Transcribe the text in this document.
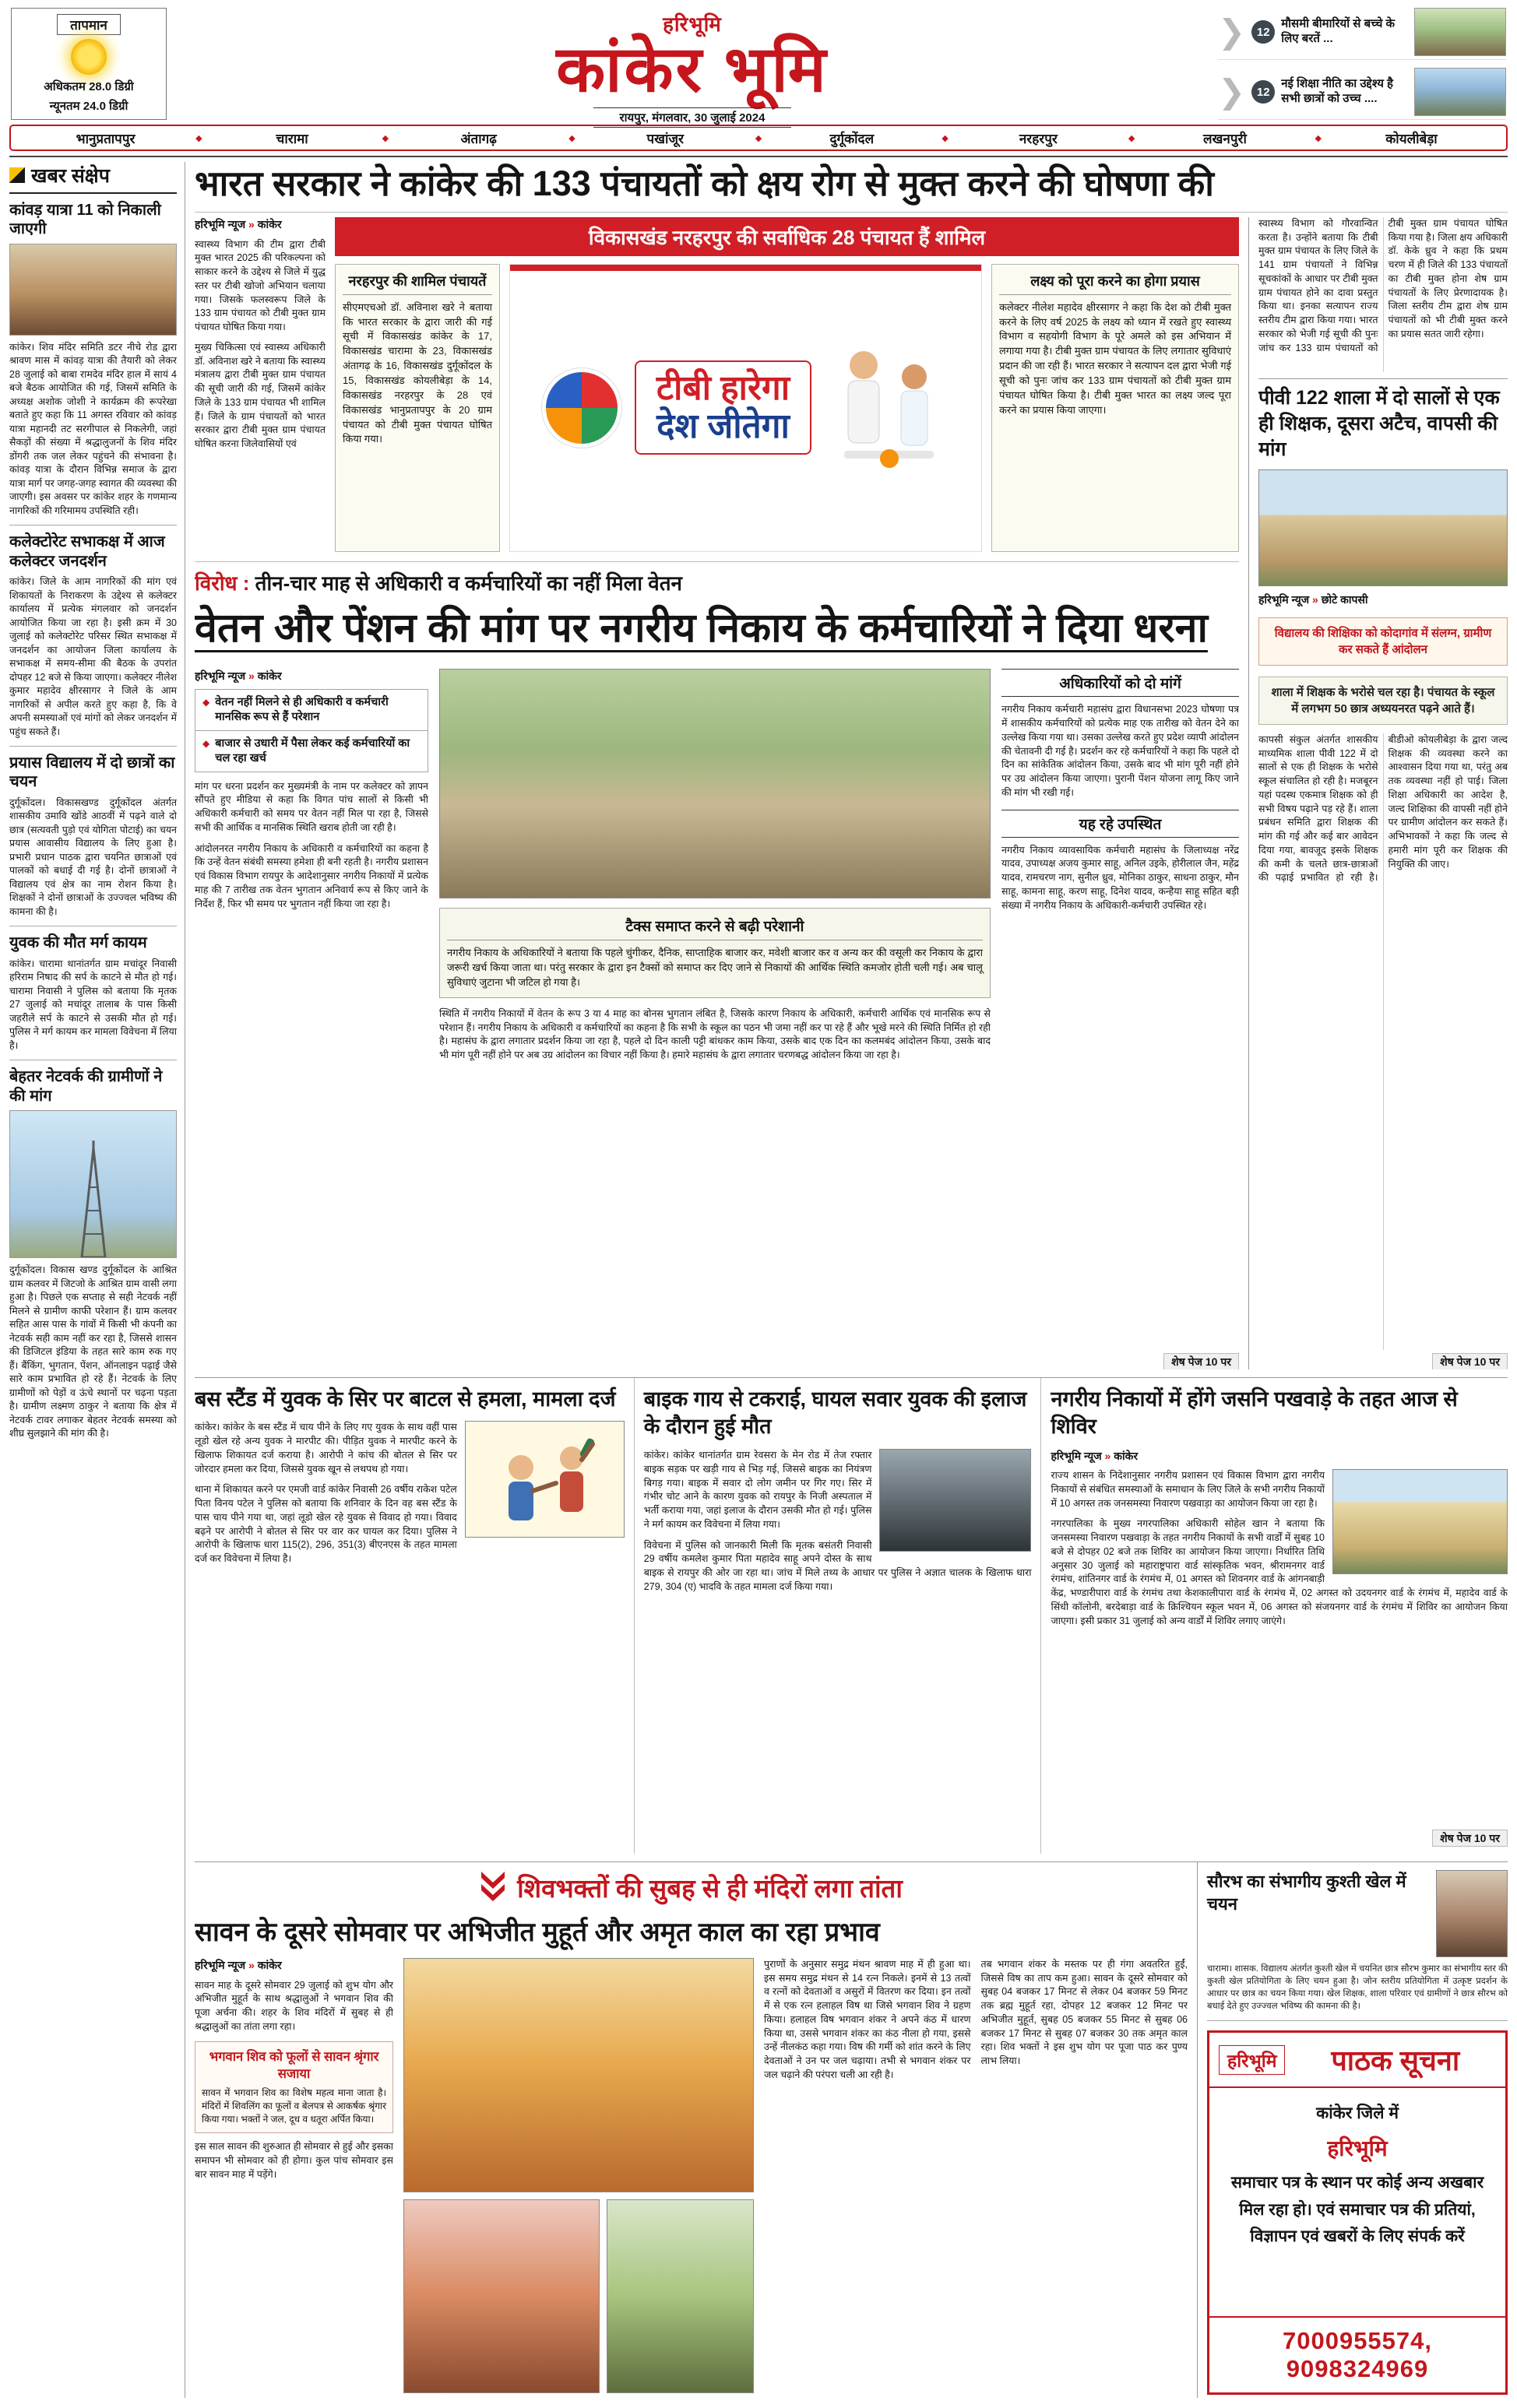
तापमान
अधिकतम 28.0 डिग्री
न्यूनतम 24.0 डिग्री
हरिभूमि
कांकेर भूमि
रायपुर, मंगलवार, 30 जुलाई 2024
❯ 12
मौसमी बीमारियों से बच्चे के लिए बरतें ...
❯ 12
नई शिक्षा नीति का उद्देश्य है सभी छात्रों को उच्च ....
भानुप्रतापपुर	◆	चारामा	◆	अंतागढ़	◆	पखांजूर	◆	दुर्गूकोंदल	◆	नरहरपुर	◆	लखनपुरी	◆	कोयलीबेड़ा
खबर संक्षेप
कांवड़ यात्रा 11 को निकाली जाएगी
कांकेर। शिव मंदिर समिति डटर नीचे रोड द्वारा श्रावण मास में कांवड़ यात्रा की तैयारी को लेकर 28 जुलाई को बाबा रामदेव मंदिर हाल में सायं 4 बजे बैठक आयोजित की गई, जिसमें समिति के अध्यक्ष अशोक जोशी ने कार्यक्रम की रूपरेखा बताते हुए कहा कि 11 अगस्त रविवार को कांवड़ यात्रा महानदी तट सरगीपाल से निकलेगी, जहां सैकड़ों की संख्या में श्रद्धालुजनों के शिव मंदिर डोंगरी तक जल लेकर पहुंचने की संभावना है। कांवड़ यात्रा के दौरान विभिन्न समाज के द्वारा यात्रा मार्ग पर जगह-जगह स्वागत की व्यवस्था की जाएगी। इस अवसर पर कांकेर शहर के गणमान्य नागरिकों की गरिमामय उपस्थिति रही।
कलेक्टोरेट सभाकक्ष में आज कलेक्टर जनदर्शन
कांकेर। जिले के आम नागरिकों की मांग एवं शिकायतों के निराकरण के उद्देश्य से कलेक्टर कार्यालय में प्रत्येक मंगलवार को जनदर्शन आयोजित किया जा रहा है। इसी क्रम में 30 जुलाई को कलेक्टोरेट परिसर स्थित सभाकक्ष में जनदर्शन का आयोजन जिला कार्यालय के सभाकक्ष में समय-सीमा की बैठक के उपरांत दोपहर 12 बजे से किया जाएगा। कलेक्टर नीलेश कुमार महादेव क्षीरसागर ने जिले के आम नागरिकों से अपील करते हुए कहा है, कि वे अपनी समस्याओं एवं मांगों को लेकर जनदर्शन में पहुंच सकते हैं।
प्रयास विद्यालय में दो छात्रों का चयन
दुर्गूकोंदल। विकासखण्ड दुर्गूकोंदल अंतर्गत शासकीय उमावि खोंडे आठवीं में पढ़ने वाले दो छात्र (सत्यवती पुड़ो एवं योगिता पोटाई) का चयन प्रयास आवासीय विद्यालय के लिए हुआ है। प्रभारी प्रधान पाठक द्वारा चयनित छात्राओं एवं पालकों को बधाई दी गई है। दोनों छात्राओं ने विद्यालय एवं क्षेत्र का नाम रोशन किया है। शिक्षकों ने दोनों छात्राओं के उज्ज्वल भविष्य की कामना की है।
युवक की मौत मर्ग कायम
कांकेर। चारामा थानांतर्गत ग्राम मचांदूर निवासी हरिराम निषाद की सर्प के काटने से मौत हो गई। चारामा निवासी ने पुलिस को बताया कि मृतक 27 जुलाई को मचांदूर तालाब के पास किसी जहरीले सर्प के काटने से उसकी मौत हो गई। पुलिस ने मर्ग कायम कर मामला विवेचना में लिया है।
बेहतर नेटवर्क की ग्रामीणों ने की मांग
दुर्गूकोंदल। विकास खण्ड दुर्गूकोंदल के आश्रित ग्राम कलवर में जिटजो के आश्रित ग्राम वासी लगा हुआ है। पिछले एक सप्ताह से सही नेटवर्क नहीं मिलने से ग्रामीण काफी परेशान हैं। ग्राम कलवर सहित आस पास के गांवों में किसी भी कंपनी का नेटवर्क सही काम नहीं कर रहा है, जिससे शासन की डिजिटल इंडिया के तहत सारे काम रुक गए हैं। बैंकिंग, भुगतान, पेंशन, ऑनलाइन पढ़ाई जैसे सारे काम प्रभावित हो रहे हैं। नेटवर्क के लिए ग्रामीणों को पेड़ों व ऊंचे स्थानों पर चढ़ना पड़ता है। ग्रामीण लक्ष्मण ठाकुर ने बताया कि क्षेत्र में नेटवर्क टावर लगाकर बेहतर नेटवर्क समस्या को शीघ्र सुलझाने की मांग की है।
भारत सरकार ने कांकेर की 133 पंचायतों को क्षय रोग से मुक्त करने की घोषणा की
हरिभूमि न्यूज » कांकेर

स्वास्थ्य विभाग की टीम द्वारा टीबी मुक्त भारत 2025 की परिकल्पना को साकार करने के उद्देश्य से जिले में युद्ध स्तर पर टीबी खोजो अभियान चलाया गया। जिसके फलस्वरूप जिले के 133 ग्राम पंचायत को टीबी मुक्त ग्राम पंचायत घोषित किया गया।

मुख्य चिकित्सा एवं स्वास्थ्य अधिकारी डॉ. अविनाश खरे ने बताया कि स्वास्थ्य मंत्रालय द्वारा टीबी मुक्त ग्राम पंचायत की सूची जारी की गई, जिसमें कांकेर जिले के 133 ग्राम पंचायत भी शामिल हैं। जिले के ग्राम पंचायतों को भारत सरकार द्वारा टीबी मुक्त ग्राम पंचायत घोषित करना जिलेवासियों एवं

विकासखंड नरहरपुर की सर्वाधिक 28 पंचायत हैं शामिल
नरहरपुर की शामिल पंचायतें
सीएमएचओ डॉ. अविनाश खरे ने बताया कि भारत सरकार के द्वारा जारी की गई सूची में विकासखंड कांकेर के 17, विकासखंड चारामा के 23, विकासखंड अंतागढ़ के 16, विकासखंड दुर्गूकोंदल के 15, विकासखंड कोयलीबेड़ा के 14, विकासखंड नरहरपुर के 28 एवं विकासखंड भानुप्रतापपुर के 20 ग्राम पंचायत को टीबी मुक्त पंचायत घोषित किया गया।
टीबी हारेगा
देश जीतेगा
लक्ष्य को पूरा करने का होगा प्रयास
कलेक्टर नीलेश महादेव क्षीरसागर ने कहा कि देश को टीबी मुक्त करने के लिए वर्ष 2025 के लक्ष्य को ध्यान में रखते हुए स्वास्थ्य विभाग व सहयोगी विभाग के पूरे अमले को इस अभियान में लगाया गया है। टीबी मुक्त ग्राम पंचायत के लिए लगातार सुविधाएं प्रदान की जा रही हैं। भारत सरकार ने सत्यापन दल द्वारा भेजी गई सूची को पुनः जांच कर 133 ग्राम पंचायतों को टीबी मुक्त ग्राम पंचायत घोषित किया है। टीबी मुक्त भारत का लक्ष्य जल्द पूरा करने का प्रयास किया जाएगा।
विरोध : तीन-चार माह से अधिकारी व कर्मचारियों का नहीं मिला वेतन
वेतन और पेंशन की मांग पर नगरीय निकाय के कर्मचारियों ने दिया धरना
हरिभूमि न्यूज » कांकेर
◆ वेतन नहीं मिलने से ही अधिकारी व कर्मचारी मानसिक रूप से हैं परेशान
◆ बाजार से उधारी में पैसा लेकर कई कर्मचारियों का चल रहा खर्च

मांग पर धरना प्रदर्शन कर मुख्यमंत्री के नाम पर कलेक्टर को ज्ञापन सौंपते हुए मीडिया से कहा कि विगत पांच सालों से किसी भी अधिकारी कर्मचारी को समय पर वेतन नहीं मिल पा रहा है, जिससे सभी की आर्थिक व मानसिक स्थिति खराब होती जा रही है।

आंदोलनरत नगरीय निकाय के अधिकारी व कर्मचारियों का कहना है कि उन्हें वेतन संबंधी समस्या हमेशा ही बनी रहती है। नगरीय प्रशासन एवं विकास विभाग रायपुर के आदेशानुसार नगरीय निकायों में प्रत्येक माह की 7 तारीख तक वेतन भुगतान अनिवार्य रूप से किए जाने के निर्देश हैं, फिर भी समय पर भुगतान नहीं किया जा रहा है।

टैक्स समाप्त करने से बढ़ी परेशानी
नगरीय निकाय के अधिकारियों ने बताया कि पहले चुंगीकर, दैनिक, साप्ताहिक बाजार कर, मवेशी बाजार कर व अन्य कर की वसूली कर निकाय के द्वारा जरूरी खर्च किया जाता था। परंतु सरकार के द्वारा इन टैक्सों को समाप्त कर दिए जाने से निकायों की आर्थिक स्थिति कमजोर होती चली गई। अब चालू सुविधाएं जुटाना भी जटिल हो गया है।
स्थिति में नगरीय निकायों में वेतन के रूप 3 या 4 माह का बोनस भुगतान लंबित है, जिसके कारण निकाय के अधिकारी, कर्मचारी आर्थिक एवं मानसिक रूप से परेशान हैं। नगरीय निकाय के अधिकारी व कर्मचारियों का कहना है कि सभी के स्कूल का पठन भी जमा नहीं कर पा रहे हैं और भूखे मरने की स्थिति निर्मित हो रही है। महासंघ के द्वारा लगातार प्रदर्शन किया जा रहा है, पहले दो दिन काली पट्टी बांधकर काम किया, उसके बाद एक दिन का कलमबंद आंदोलन किया, उसके बाद भी मांग पूरी नहीं होने पर अब उग्र आंदोलन का विचार नहीं किया है। हमारे महासंघ के द्वारा लगातार चरणबद्ध आंदोलन किया जा रहा है।
अधिकारियों को दो मांगें
नगरीय निकाय कर्मचारी महासंघ द्वारा विधानसभा 2023 घोषणा पत्र में शासकीय कर्मचारियों को प्रत्येक माह एक तारीख को वेतन देने का उल्लेख किया गया था। उसका उल्लेख करते हुए प्रदेश व्यापी आंदोलन की चेतावनी दी गई है। प्रदर्शन कर रहे कर्मचारियों ने कहा कि पहले दो दिन का सांकेतिक आंदोलन किया, उसके बाद भी मांग पूरी नहीं होने पर उग्र आंदोलन किया जाएगा। पुरानी पेंशन योजना लागू किए जाने की मांग भी रखी गई।
यह रहे उपस्थित
नगरीय निकाय व्यावसायिक कर्मचारी महासंघ के जिलाध्यक्ष नरेंद्र यादव, उपाध्यक्ष अजय कुमार साहू, अनिल उइके, होरीलाल जैन, महेंद्र यादव, रामचरण नाग, सुनील ध्रुव, मोनिका ठाकुर, साधना ठाकुर, मौन साहू, कामना साहू, करण साहू, दिनेश यादव, कन्हैया साहू सहित बड़ी संख्या में नगरीय निकाय के अधिकारी-कर्मचारी उपस्थित रहे।
शेष पेज 10 पर
स्वास्थ्य विभाग को गौरवान्वित करता है। उन्होंने बताया कि टीबी मुक्त ग्राम पंचायत के लिए जिले के 141 ग्राम पंचायतों ने विभिन्न सूचकांकों के आधार पर टीबी मुक्त ग्राम पंचायत होने का दावा प्रस्तुत किया था। इनका सत्यापन राज्य स्तरीय टीम द्वारा किया गया। भारत सरकार को भेजी गई सूची की पुनः जांच कर 133 ग्राम पंचायतों को टीबी मुक्त ग्राम पंचायत घोषित किया गया है। जिला क्षय अधिकारी डॉ. केके ध्रुव ने कहा कि प्रथम चरण में ही जिले की 133 पंचायतों का टीबी मुक्त होना शेष ग्राम पंचायतों के लिए प्रेरणादायक है। जिला स्तरीय टीम द्वारा शेष ग्राम पंचायतों को भी टीबी मुक्त करने का प्रयास सतत जारी रहेगा।
पीवी 122 शाला में दो सालों से एक ही शिक्षक, दूसरा अटैच, वापसी की मांग
हरिभूमि न्यूज » छोटे कापसी
विद्यालय की शिक्षिका को कोदागांव में संलग्न, ग्रामीण कर सकते हैं आंदोलन
शाला में शिक्षक के भरोसे चल रहा है। पंचायत के स्कूल में लगभग 50 छात्र अध्ययनरत पढ़ने आते हैं।
कापसी संकुल अंतर्गत शासकीय माध्यमिक शाला पीवी 122 में दो सालों से एक ही शिक्षक के भरोसे स्कूल संचालित हो रही है। मजबूरन यहां पदस्थ एकमात्र शिक्षक को ही सभी विषय पढ़ाने पड़ रहे हैं। शाला प्रबंधन समिति द्वारा शिक्षक की मांग की गई और कई बार आवेदन दिया गया, बावजूद इसके शिक्षक की कमी के चलते छात्र-छात्राओं की पढ़ाई प्रभावित हो रही है। बीडीओ कोयलीबेड़ा के द्वारा जल्द शिक्षक की व्यवस्था करने का आश्वासन दिया गया था, परंतु अब तक व्यवस्था नहीं हो पाई। जिला शिक्षा अधिकारी का आदेश है, जल्द शिक्षिका की वापसी नहीं होने पर ग्रामीण आंदोलन कर सकते हैं। अभिभावकों ने कहा कि जल्द से हमारी मांग पूरी कर शिक्षक की नियुक्ति की जाए।
शेष पेज 10 पर
बस स्टैंड में युवक के सिर पर बाटल से हमला, मामला दर्ज

कांकेर। कांकेर के बस स्टैंड में चाय पीने के लिए गए युवक के साथ वहीं पास लूडो खेल रहे अन्य युवक ने मारपीट की। पीड़ित युवक ने मारपीट करने के खिलाफ शिकायत दर्ज कराया है। आरोपी ने कांच की बोतल से सिर पर जोरदार हमला कर दिया, जिससे युवक खून से लथपथ हो गया।

थाना में शिकायत करने पर एमजी वार्ड कांकेर निवासी 26 वर्षीय राकेश पटेल पिता विनय पटेल ने पुलिस को बताया कि शनिवार के दिन वह बस स्टैंड के पास चाय पीने गया था, जहां लूडो खेल रहे युवक से विवाद हो गया। विवाद बढ़ने पर आरोपी ने बोतल से सिर पर वार कर घायल कर दिया। पुलिस ने आरोपी के खिलाफ धारा 115(2), 296, 351(3) बीएनएस के तहत मामला दर्ज कर विवेचना में लिया है।

बाइक गाय से टकराई, घायल सवार युवक की इलाज के दौरान हुई मौत

कांकेर। कांकेर थानांतर्गत ग्राम रेवसरा के मेन रोड में तेज रफ्तार बाइक सड़क पर खड़ी गाय से भिड़ गई, जिससे बाइक का नियंत्रण बिगड़ गया। बाइक में सवार दो लोग जमीन पर गिर गए। सिर में गंभीर चोट आने के कारण युवक को रायपुर के निजी अस्पताल में भर्ती कराया गया, जहां इलाज के दौरान उसकी मौत हो गई। पुलिस ने मर्ग कायम कर विवेचना में लिया गया।

विवेचना में पुलिस को जानकारी मिली कि मृतक बसंतरी निवासी 29 वर्षीय कमलेश कुमार पिता महादेव साहू अपने दोस्त के साथ बाइक से रायपुर की ओर जा रहा था। जांच में मिले तथ्य के आधार पर पुलिस ने अज्ञात चालक के खिलाफ धारा 279, 304 (ए) भादवि के तहत मामला दर्ज किया गया।

नगरीय निकायों में होंगे जसनि पखवाड़े के तहत आज से शिविर
हरिभूमि न्यूज » कांकेर

राज्य शासन के निदेशानुसार नगरीय प्रशासन एवं विकास विभाग द्वारा नगरीय निकायों से संबंधित समस्याओं के समाधान के लिए जिले के सभी नगरीय निकायों में 10 अगस्त तक जनसमस्या निवारण पखवाड़ा का आयोजन किया जा रहा है।

नगरपालिका के मुख्य नगरपालिका अधिकारी सोहेल खान ने बताया कि जनसमस्या निवारण पखवाड़ा के तहत नगरीय निकायों के सभी वार्डों में सुबह 10 बजे से दोपहर 02 बजे तक शिविर का आयोजन किया जाएगा। निर्धारित तिथि अनुसार 30 जुलाई को महाराष्ट्रपारा वार्ड सांस्कृतिक भवन, श्रीरामनगर वार्ड रंगमंच, शांतिनगर वार्ड के रंगमंच में, 01 अगस्त को शिवनगर वार्ड के आंगनबाड़ी केंद्र, भण्डारीपारा वार्ड के रंगमंच तथा केशकालीपारा वार्ड के रंगमंच में, 02 अगस्त को उदयनगर वार्ड के रंगमंच में, महादेव वार्ड के सिंधी कॉलोनी, बरदेबाड़ा वार्ड के क्रिश्चियन स्कूल भवन में, 06 अगस्त को संजयनगर वार्ड के रंगमंच में शिविर का आयोजन किया जाएगा। इसी प्रकार 31 जुलाई को अन्य वार्डों में शिविर लगाए जाएंगे।

शेष पेज 10 पर
शिवभक्तों की सुबह से ही मंदिरों लगा तांता
सावन के दूसरे सोमवार पर अभिजीत मुहूर्त और अमृत काल का रहा प्रभाव
हरिभूमि न्यूज » कांकेर

सावन माह के दूसरे सोमवार 29 जुलाई को शुभ योग और अभिजीत मुहूर्त के साथ श्रद्धालुओं ने भगवान शिव की पूजा अर्चना की। शहर के शिव मंदिरों में सुबह से ही श्रद्धालुओं का तांता लगा रहा।

भगवान शिव को फूलों से सावन श्रृंगार सजाया
सावन में भगवान शिव का विशेष महत्व माना जाता है। मंदिरों में शिवलिंग का फूलों व बेलपत्र से आकर्षक श्रृंगार किया गया। भक्तों ने जल, दूध व धतूरा अर्पित किया।

इस साल सावन की शुरुआत ही सोमवार से हुई और इसका समापन भी सोमवार को ही होगा। कुल पांच सोमवार इस बार सावन माह में पड़ेंगे।

पुराणों के अनुसार समुद्र मंथन श्रावण माह में ही हुआ था। इस समय समुद्र मंथन से 14 रत्न निकले। इनमें से 13 तत्वों व रत्नों को देवताओं व असुरों में वितरण कर दिया। इन तत्वों में से एक रत्न हलाहल विष था जिसे भगवान शिव ने ग्रहण किया। हलाहल विष भगवान शंकर ने अपने कंठ में धारण किया था, उससे भगवान शंकर का कंठ नीला हो गया, इससे उन्हें नीलकंठ कहा गया। विष की गर्मी को शांत करने के लिए देवताओं ने उन पर जल चढ़ाया। तभी से भगवान शंकर पर जल चढ़ाने की परंपरा चली आ रही है।

तब भगवान शंकर के मस्तक पर ही गंगा अवतरित हुईं, जिससे विष का ताप कम हुआ। सावन के दूसरे सोमवार को सुबह 04 बजकर 17 मिनट से लेकर 04 बजकर 59 मिनट तक ब्रह्म मुहूर्त रहा, दोपहर 12 बजकर 12 मिनट पर अभिजीत मुहूर्त, सुबह 05 बजकर 55 मिनट से सुबह 06 बजकर 17 मिनट से सुबह 07 बजकर 30 तक अमृत काल रहा। शिव भक्तों ने इस शुभ योग पर पूजा पाठ कर पुण्य लाभ लिया।

सौरभ का संभागीय कुश्ती खेल में चयन
चारामा। शासक. विद्यालय अंतर्गत कुश्ती खेल में चयनित छात्र सौरभ कुमार का संभागीय स्तर की कुश्ती खेल प्रतियोगिता के लिए चयन हुआ है। जोन स्तरीय प्रतियोगिता में उत्कृष्ट प्रदर्शन के आधार पर छात्र का चयन किया गया। खेल शिक्षक, शाला परिवार एवं ग्रामीणों ने छात्र सौरभ को बधाई देते हुए उज्ज्वल भविष्य की कामना की है।
हरिभूमि	पाठक सूचना
कांकेर जिले में
हरिभूमि
समाचार पत्र के स्थान पर कोई अन्य अखबार मिल रहा हो। एवं समाचार पत्र की प्रतियां, विज्ञापन एवं खबरों के लिए संपर्क करें
7000955574, 9098324969
